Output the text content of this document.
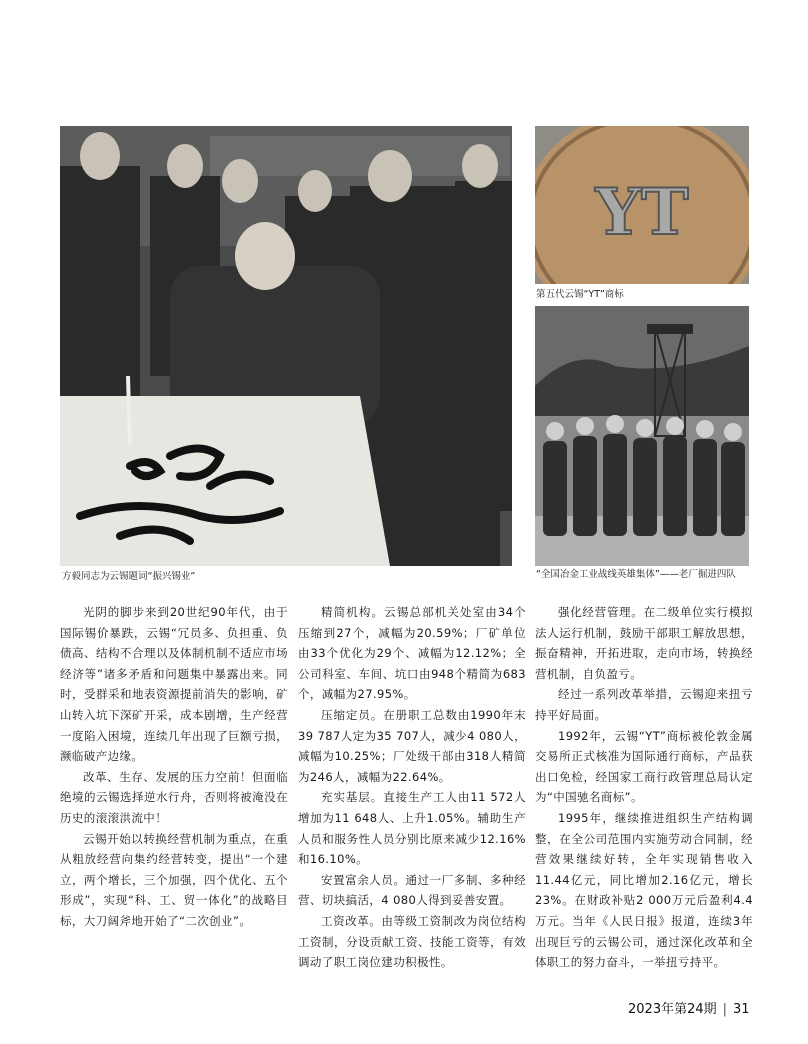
方毅同志为云锡题词“振兴锡业”
YT
第五代云锡“YT”商标
“全国冶金工业战线英雄集体”——老厂掘进四队

光阴的脚步来到20世纪90年代，由于国际锡价暴跌，云锡“冗员多、负担重、负债高、结构不合理以及体制机制不适应市场经济等”诸多矛盾和问题集中暴露出来。同时，受群采和地表资源提前消失的影响，矿山转入坑下深矿开采，成本剧增，生产经营一度陷入困境，连续几年出现了巨额亏损，濒临破产边缘。

改革、生存、发展的压力空前！但面临绝境的云锡选择逆水行舟，否则将被淹没在历史的滚滚洪流中！

云锡开始以转换经营机制为重点，在重从粗放经营向集约经营转变，提出“一个建立，两个增长，三个加强，四个优化、五个形成”，实现“科、工、贸一体化”的战略目标，大刀阔斧地开始了“二次创业”。

精简机构。云锡总部机关处室由34个压缩到27个，减幅为20.59%；厂矿单位由33个优化为29个、减幅为12.12%；全公司科室、车间、坑口由948个精简为683个，减幅为27.95%。

压缩定员。在册职工总数由1990年末39 787人定为35 707人，减少4 080人，减幅为10.25%；厂处级干部由318人精简为246人，减幅为22.64%。

充实基层。直接生产工人由11 572人增加为11 648人、上升1.05%。辅助生产人员和服务性人员分别比原来减少12.16%和16.10%。

安置富余人员。通过一厂多制、多种经营、切块搞活，4 080人得到妥善安置。

工资改革。由等级工资制改为岗位结构工资制，分设贡献工资、技能工资等，有效调动了职工岗位建功积极性。

强化经营管理。在二级单位实行模拟法人运行机制，鼓励干部职工解放思想，振奋精神，开拓进取，走向市场，转换经营机制，自负盈亏。

经过一系列改革举措，云锡迎来扭亏持平好局面。

1992年，云锡“YT”商标被伦敦金属交易所正式核准为国际通行商标，产品获出口免检，经国家工商行政管理总局认定为“中国驰名商标”。

1995年，继续推进组织生产结构调整，在全公司范围内实施劳动合同制，经营效果继续好转，全年实现销售收入11.44亿元，同比增加2.16亿元，增长23%。在财政补贴2 000万元后盈利4.4万元。当年《人民日报》报道，连续3年出现巨亏的云锡公司，通过深化改革和全体职工的努力奋斗，一举扭亏持平。

2023年第24期 | 31
